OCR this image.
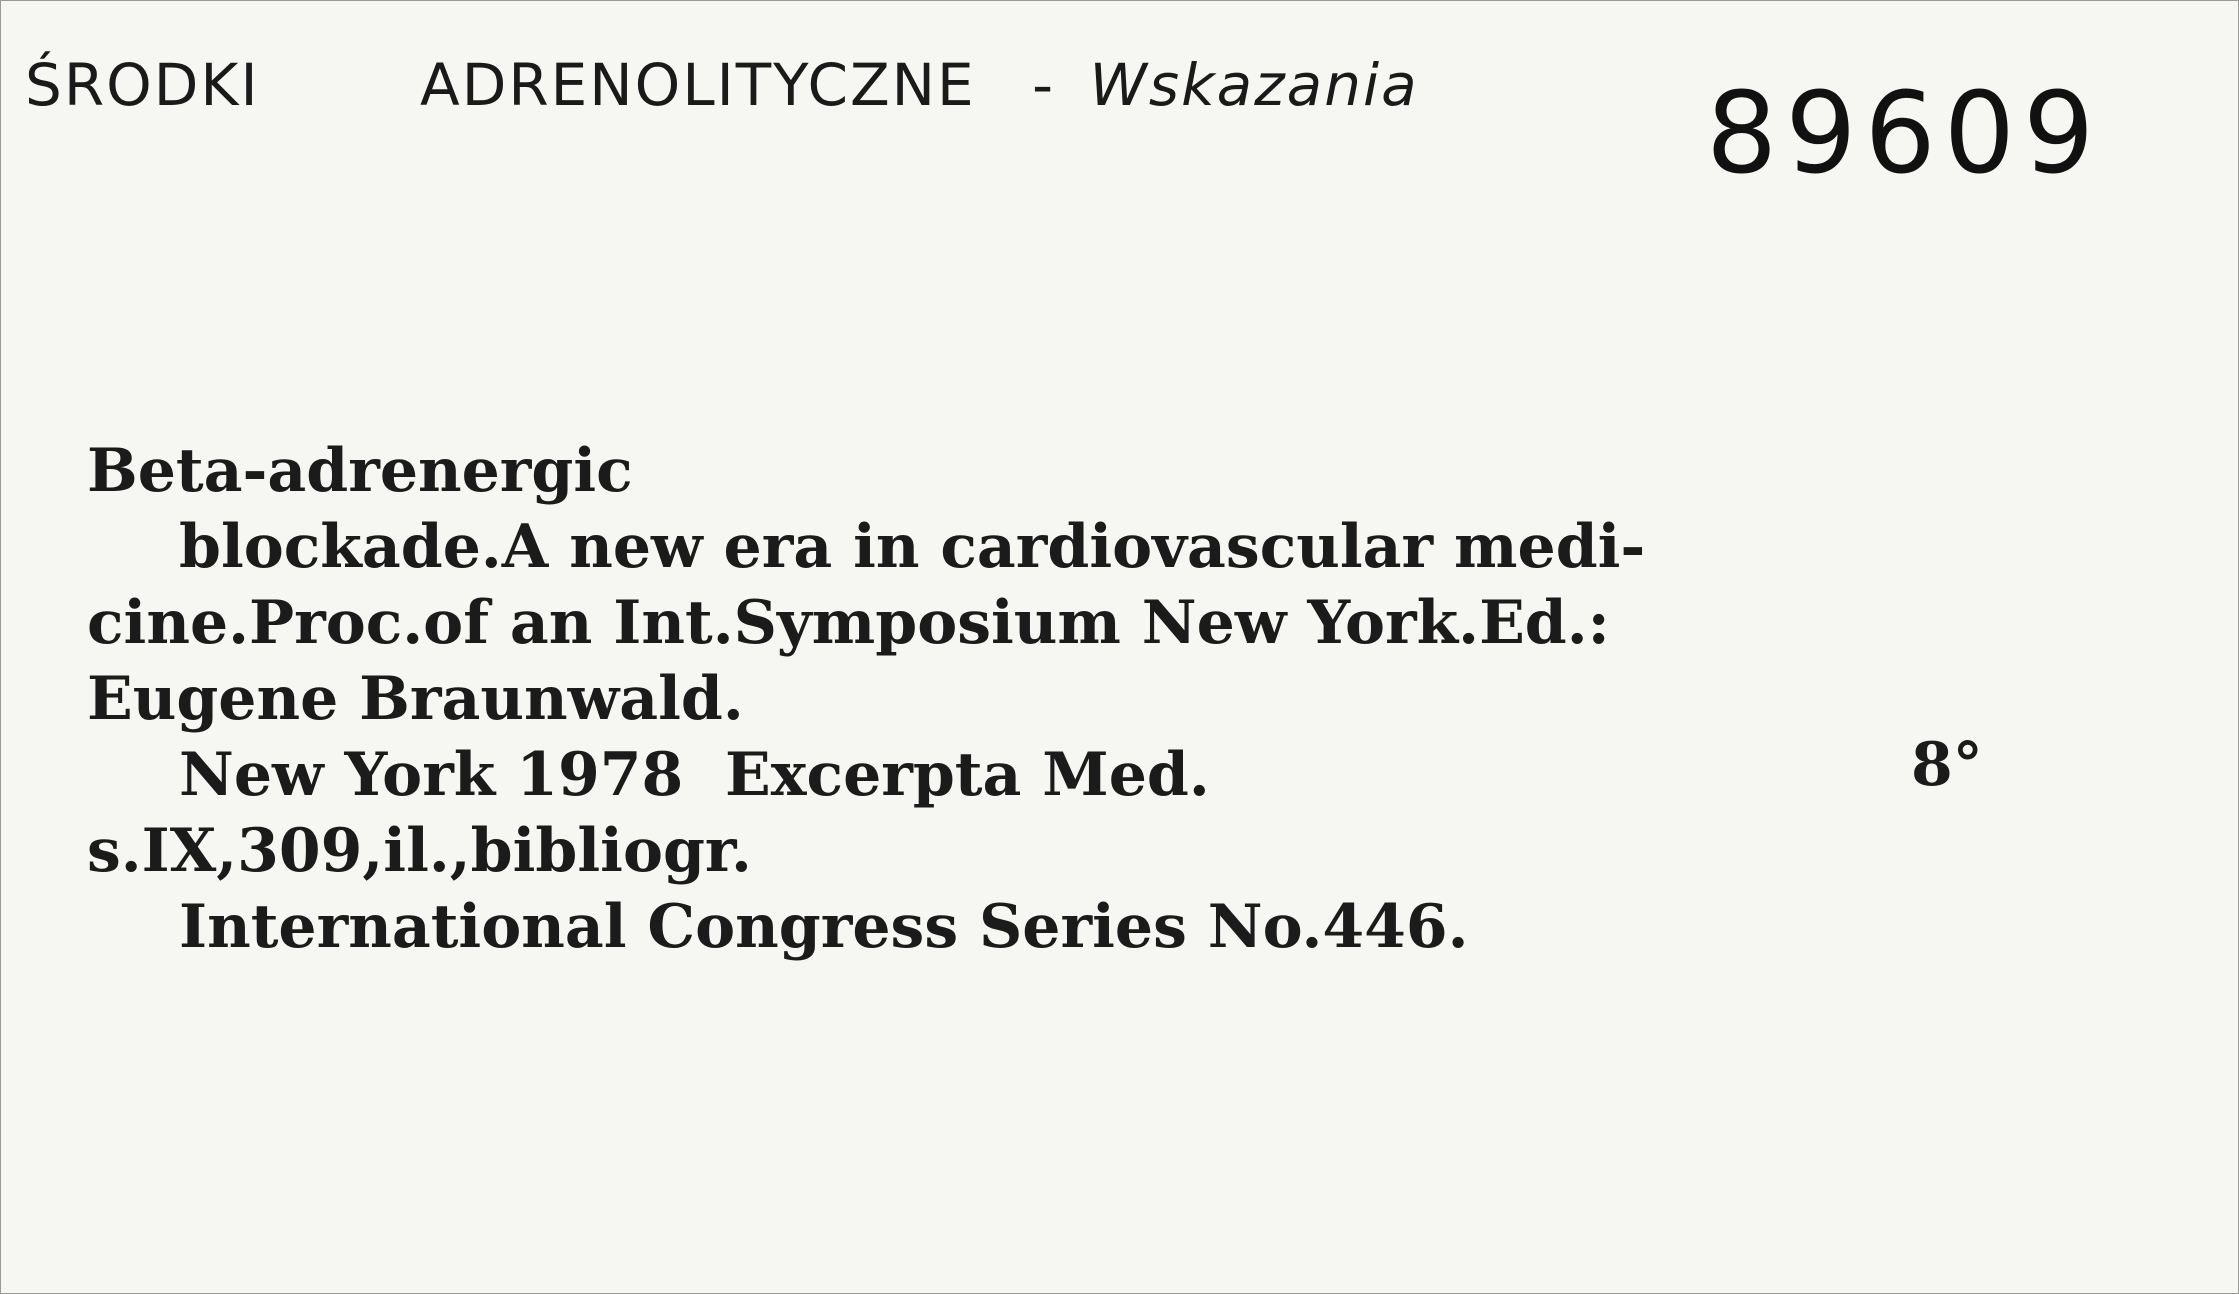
ŚRODKI	ADRENOLITYCZNE - Wskazania	89609
Beta-adrenergic
blockade.A new era in cardiovascular medi-
cine.Proc.of an Int.Symposium New York.Ed.:
Eugene Braunwald.
New York 1978  Excerpta Med.	8°
s.IX,309,il.,bibliogr.
International Congress Series No.446.
